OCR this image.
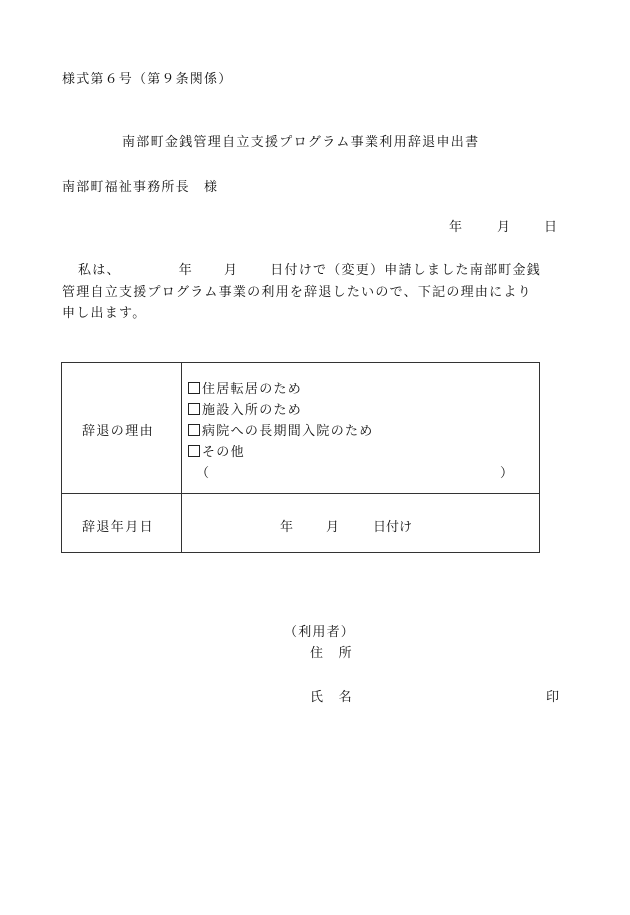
様式第６号（第９条関係）
南部町金銭管理自立支援プログラム事業利用辞退申出書
南部町福祉事務所長　様
年	月	日
私は、	年 月 日付けで（変更）申請しました南部町金銭
管理自立支援プログラム事業の利用を辞退したいので、下記の理由により
申し出ます。
辞退の理由
住居転居のため
施設入所のため
病院への長期間入院のため
その他
（	）
辞退年月日	年	月	日付け
（利用者）
住　所
氏　名	印
